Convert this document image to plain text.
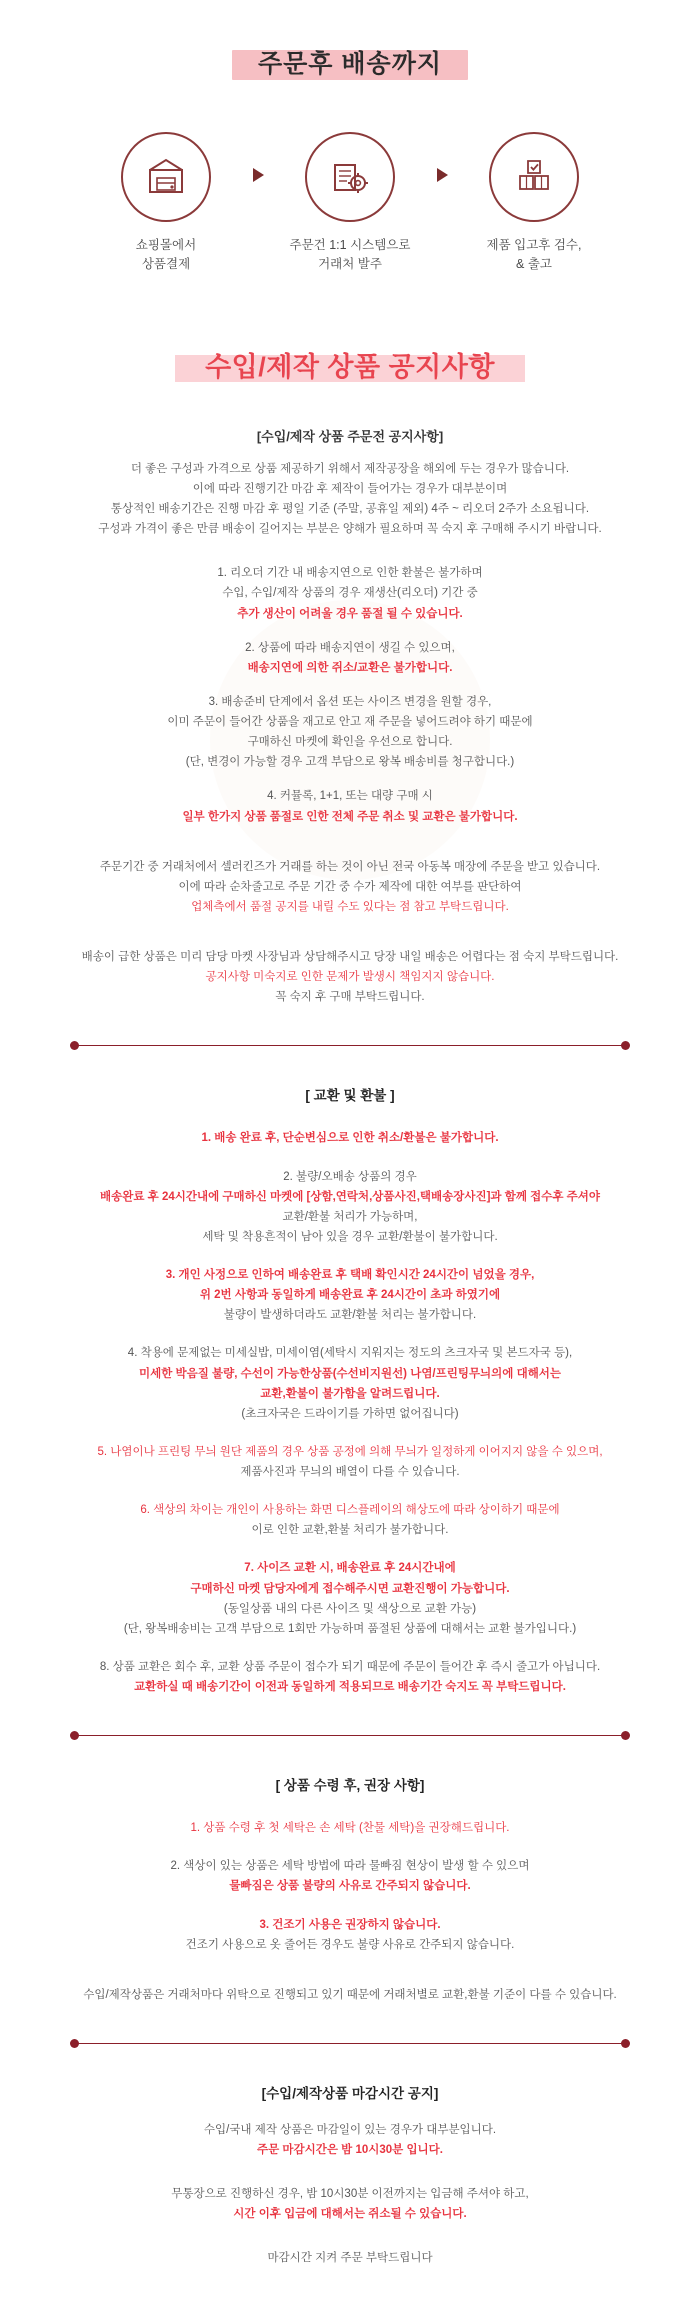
주문후 배송까지
쇼핑몰에서
상품결제
주문건 1:1 시스템으로
거래처 발주
제품 입고후 검수,
& 출고
수입/제작 상품 공지사항
[수입/제작 상품 주문전 공지사항]

더 좋은 구성과 가격으로 상품 제공하기 위해서 제작공장을 해외에 두는 경우가 많습니다.

이에 따라 진행기간 마감 후 제작이 들어가는 경우가 대부분이며

통상적인 배송기간은 진행 마감 후 평일 기준 (주말, 공휴일 제외) 4주 ~ 리오더 2주가 소요됩니다.

구성과 가격이 좋은 만큼 배송이 길어지는 부분은 양해가 필요하며 꼭 숙지 후 구매해 주시기 바랍니다.

1. 리오더 기간 내 배송지연으로 인한 환불은 불가하며

수입, 수입/제작 상품의 경우 재생산(리오더) 기간 중

추가 생산이 어려울 경우 품절 될 수 있습니다.

2. 상품에 따라 배송지연이 생길 수 있으며,

배송지연에 의한 쥐소/교환은 불가합니다.

3. 배송준비 단계에서 옵션 또는 사이즈 변경을 원할 경우,

이미 주문이 들어간 상품을 재고로 안고 재 주문을 넣어드려야 하기 때문에

구매하신 마켓에 확인을 우선으로 합니다.

(단, 변경이 가능할 경우 고객 부담으로 왕복 배송비를 청구합니다.)

4. 커뮬록, 1+1, 또는 대량 구매 시

일부 한가지 상품 품절로 인한 전체 주문 취소 및 교환은 불가합니다.

주문기간 중 거래처에서 셀러킨즈가 거래를 하는 것이 아닌 전국 아동복 매장에 주문을 받고 있습니다.

이에 따라 순차줄고로 주문 기간 중 수가 제작에 대한 여부를 판단하여

업체측에서 품절 공지를 내릴 수도 있다는 점 참고 부탁드립니다.

배송이 급한 상품은 미리 담당 마켓 사장님과 상담해주시고 당장 내일 배송은 어렵다는 점 숙지 부탁드립니다.

공지사항 미숙지로 인한 문제가 발생시 책임지지 않습니다.

꼭 숙지 후 구매 부탁드립니다.

[ 교환 및 환불 ]

1. 배송 완료 후, 단순변심으로 인한 취소/환불은 불가합니다.

2. 불량/오배송 상품의 경우

배송완료 후 24시간내에 구매하신 마켓에 [상함,연락처,상품사진,택배송장사진]과 함께 접수후 주셔야

교환/환불 처리가 가능하며,

세탁 및 착용흔적이 남아 있을 경우 교환/환불이 불가합니다.

3. 개인 사정으로 인하여 배송완료 후 택배 확인시간 24시간이 넘었을 경우,

위 2번 사항과 동일하게 배송완료 후 24시간이 초과 하였기에

불량이 발생하더라도 교환/환불 처리는 불가합니다.

4. 착용에 문제없는 미세실밥, 미세이염(세탁시 지워지는 정도의 츠크자국 및 본드자국 등),

미세한 박음질 불량, 수선이 가능한상품(수선비지원선) 나염/프린팅무늬의에 대해서는

교환,환불이 불가함을 알려드립니다.

(초크자국은 드라이기를 가하면 없어집니다)

5. 나염이나 프린팅 무늬 원단 제품의 경우 상품 공정에 의해 무늬가 일정하게 이어지지 않을 수 있으며,

제품사진과 무늬의 배열이 다를 수 있습니다.

6. 색상의 차이는 개인이 사용하는 화면 디스플레이의 해상도에 따라 상이하기 때문에

이로 인한 교환,환불 처리가 불가합니다.

7. 사이즈 교환 시, 배송완료 후 24시간내에

구매하신 마켓 담당자에게 접수해주시면 교환진행이 가능합니다.

(동일상품 내의 다른 사이즈 및 색상으로 교환 가능)

(단, 왕복배송비는 고객 부담으로 1회만 가능하며 품절된 상품에 대해서는 교환 불가입니다.)

8. 상품 교환은 회수 후, 교환 상품 주문이 접수가 되기 때문에 주문이 들어간 후 즉시 줄고가 아닙니다.

교환하실 때 배송기간이 이전과 동일하게 적용되므로 배송기간 숙지도 꼭 부탁드립니다.

[ 상품 수령 후, 권장 사항]

1. 상품 수령 후 첫 세탁은 손 세탁 (찬물 세탁)을 권장해드립니다.

2. 색상이 있는 상품은 세탁 방법에 따라 물빠짐 현상이 발생 할 수 있으며

물빠짐은 상품 불량의 사유로 간주되지 않습니다.

3. 건조기 사용은 권장하지 않습니다.

건조기 사용으로 옷 줄어든 경우도 불량 사유로 간주되지 않습니다.

수입/제작상품은 거래처마다 위탁으로 진행되고 있기 때문에 거래처별로 교환,환불 기준이 다를 수 있습니다.

[수입/제작상품 마감시간 공지]

수입/국내 제작 상품은 마감일이 있는 경우가 대부분입니다.

주문 마감시간은 밤 10시30분 입니다.

무통장으로 진행하신 경우, 밤 10시30분 이전까지는 입금해 주셔야 하고,

시간 이후 입금에 대해서는 쥐소될 수 있습니다.

마감시간 지켜 주문 부탁드립니다
